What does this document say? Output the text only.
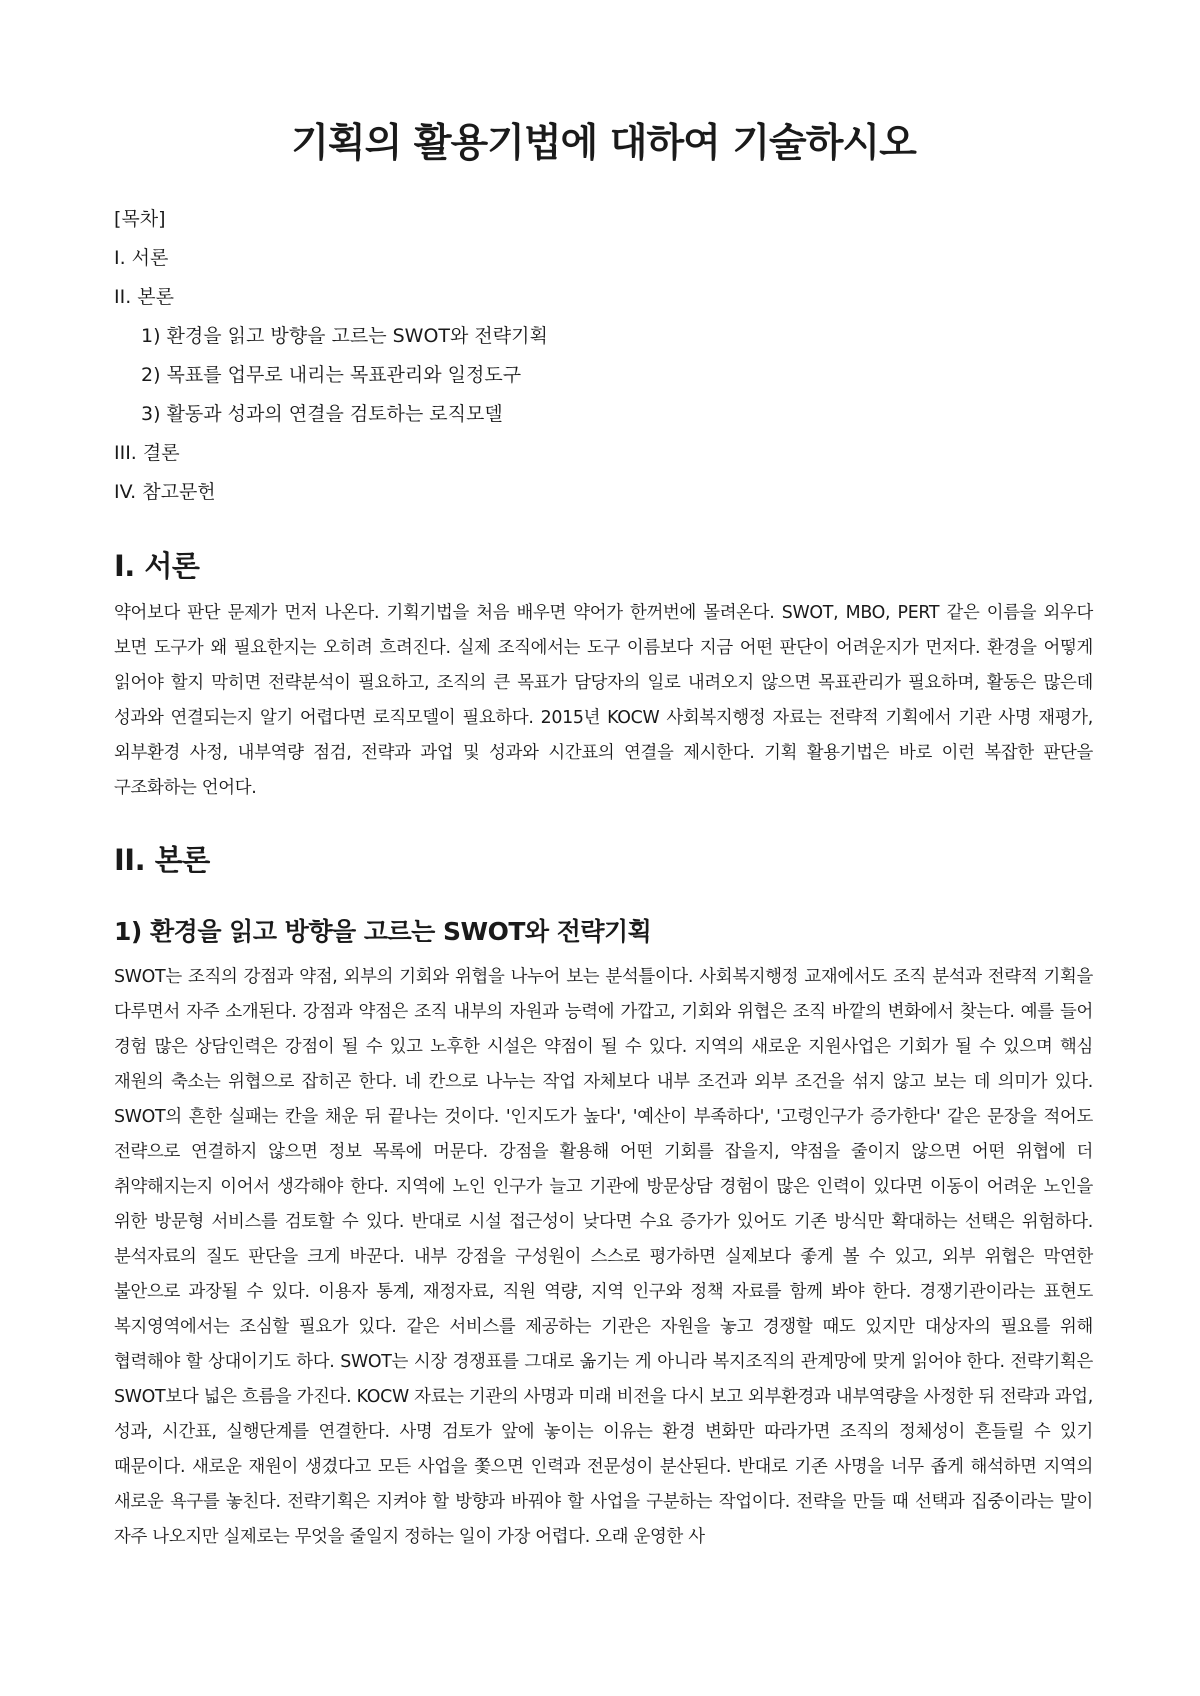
기획의 활용기법에 대하여 기술하시오
[목차]
I. 서론
II. 본론
1) 환경을 읽고 방향을 고르는 SWOT와 전략기획
2) 목표를 업무로 내리는 목표관리와 일정도구
3) 활동과 성과의 연결을 검토하는 로직모델
III. 결론
IV. 참고문헌
I. 서론

약어보다 판단 문제가 먼저 나온다. 기획기법을 처음 배우면 약어가 한꺼번에 몰려온다. SWOT, MBO, PERT 같은 이름을 외우다 보면 도구가 왜 필요한지는 오히려 흐려진다. 실제 조직에서는 도구 이름보다 지금 어떤 판단이 어려운지가 먼저다. 환경을 어떻게 읽어야 할지 막히면 전략분석이 필요하고, 조직의 큰 목표가 담당자의 일로 내려오지 않으면 목표관리가 필요하며, 활동은 많은데 성과와 연결되는지 알기 어렵다면 로직모델이 필요하다. 2015년 KOCW 사회복지행정 자료는 전략적 기획에서 기관 사명 재평가, 외부환경 사정, 내부역량 점검, 전략과 과업 및 성과와 시간표의 연결을 제시한다. 기획 활용기법은 바로 이런 복잡한 판단을 구조화하는 언어다.

II. 본론
1) 환경을 읽고 방향을 고르는 SWOT와 전략기획

SWOT는 조직의 강점과 약점, 외부의 기회와 위협을 나누어 보는 분석틀이다. 사회복지행정 교재에서도 조직 분석과 전략적 기획을 다루면서 자주 소개된다. 강점과 약점은 조직 내부의 자원과 능력에 가깝고, 기회와 위협은 조직 바깥의 변화에서 찾는다. 예를 들어 경험 많은 상담인력은 강점이 될 수 있고 노후한 시설은 약점이 될 수 있다. 지역의 새로운 지원사업은 기회가 될 수 있으며 핵심 재원의 축소는 위협으로 잡히곤 한다. 네 칸으로 나누는 작업 자체보다 내부 조건과 외부 조건을 섞지 않고 보는 데 의미가 있다. SWOT의 흔한 실패는 칸을 채운 뒤 끝나는 것이다. '인지도가 높다', '예산이 부족하다', '고령인구가 증가한다' 같은 문장을 적어도 전략으로 연결하지 않으면 정보 목록에 머문다. 강점을 활용해 어떤 기회를 잡을지, 약점을 줄이지 않으면 어떤 위협에 더 취약해지는지 이어서 생각해야 한다. 지역에 노인 인구가 늘고 기관에 방문상담 경험이 많은 인력이 있다면 이동이 어려운 노인을 위한 방문형 서비스를 검토할 수 있다. 반대로 시설 접근성이 낮다면 수요 증가가 있어도 기존 방식만 확대하는 선택은 위험하다. 분석자료의 질도 판단을 크게 바꾼다. 내부 강점을 구성원이 스스로 평가하면 실제보다 좋게 볼 수 있고, 외부 위협은 막연한 불안으로 과장될 수 있다. 이용자 통계, 재정자료, 직원 역량, 지역 인구와 정책 자료를 함께 봐야 한다. 경쟁기관이라는 표현도 복지영역에서는 조심할 필요가 있다. 같은 서비스를 제공하는 기관은 자원을 놓고 경쟁할 때도 있지만 대상자의 필요를 위해 협력해야 할 상대이기도 하다. SWOT는 시장 경쟁표를 그대로 옮기는 게 아니라 복지조직의 관계망에 맞게 읽어야 한다. 전략기획은 SWOT보다 넓은 흐름을 가진다. KOCW 자료는 기관의 사명과 미래 비전을 다시 보고 외부환경과 내부역량을 사정한 뒤 전략과 과업, 성과, 시간표, 실행단계를 연결한다. 사명 검토가 앞에 놓이는 이유는 환경 변화만 따라가면 조직의 정체성이 흔들릴 수 있기 때문이다. 새로운 재원이 생겼다고 모든 사업을 쫓으면 인력과 전문성이 분산된다. 반대로 기존 사명을 너무 좁게 해석하면 지역의 새로운 욕구를 놓친다. 전략기획은 지켜야 할 방향과 바꿔야 할 사업을 구분하는 작업이다. 전략을 만들 때 선택과 집중이라는 말이 자주 나오지만 실제로는 무엇을 줄일지 정하는 일이 가장 어렵다. 오래 운영한 사
